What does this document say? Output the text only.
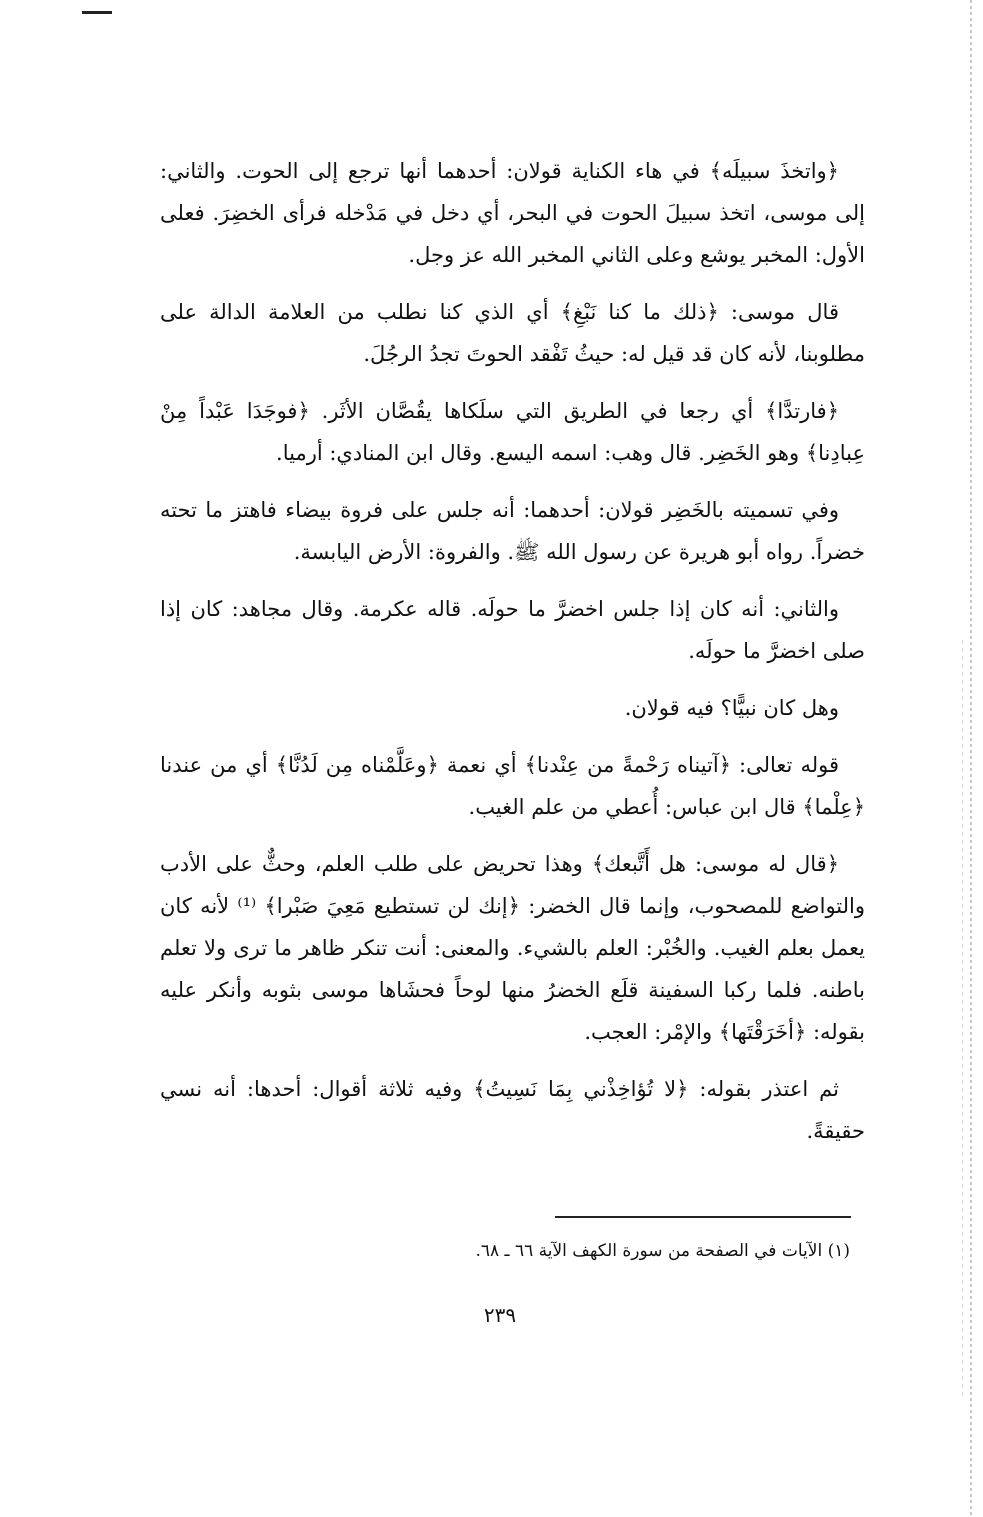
﴿واتخذَ سبيلَه﴾ في هاء الكناية قولان: أحدهما أنها ترجع إلى الحوت. والثاني: إلى موسى، اتخذ سبيلَ الحوت في البحر، أي دخل في مَدْخله فرأى الخضِرَ. فعلى الأول: المخبر يوشع وعلى الثاني المخبر الله عز وجل.

قال موسى: ﴿ذلك ما كنا نَبْغِ﴾ أي الذي كنا نطلب من العلامة الدالة على مطلوبنا، لأنه كان قد قيل له: حيثُ تَفْقد الحوتَ تجدُ الرجُلَ.

﴿فارتدَّا﴾ أي رجعا في الطريق التي سلَكاها يقُصَّان الأثَر. ﴿فوجَدَا عَبْداً مِنْ عِبادِنا﴾ وهو الخَضِر. قال وهب: اسمه اليسع. وقال ابن المنادي: أرميا.

وفي تسميته بالخَضِر قولان: أحدهما: أنه جلس على فروة بيضاء فاهتز ما تحته خضراً. رواه أبو هريرة عن رسول الله ﷺ. والفروة: الأرض اليابسة.

والثاني: أنه كان إذا جلس اخضرَّ ما حولَه. قاله عكرمة. وقال مجاهد: كان إذا صلى اخضرَّ ما حولَه.

وهل كان نبيًّا؟ فيه قولان.

قوله تعالى: ﴿آتيناه رَحْمةً من عِنْدنا﴾ أي نعمة ﴿وعَلَّمْناه مِن لَدُنَّا﴾ أي من عندنا ﴿عِلْما﴾ قال ابن عباس: أُعطي من علم الغيب.

﴿قال له موسى: هل أَتَّبعك﴾ وهذا تحريض على طلب العلم، وحثٌّ على الأدب والتواضع للمصحوب، وإنما قال الخضر: ﴿إنك لن تستطيع مَعِيَ صَبْرا﴾ ⁽¹⁾ لأنه كان يعمل بعلم الغيب. والخُبْر: العلم بالشيء. والمعنى: أنت تنكر ظاهر ما ترى ولا تعلم باطنه. فلما ركبا السفينة قلَع الخضرُ منها لوحاً فحشَاها موسى بثوبه وأنكر عليه بقوله: ﴿أخَرَقْتَها﴾ والإمْر: العجب.

ثم اعتذر بقوله: ﴿لا تُؤاخِذْني بِمَا نَسِيتُ﴾ وفيه ثلاثة أقوال: أحدها: أنه نسي حقيقةً.

(١) الآيات في الصفحة من سورة الكهف الآية ٦٦ ـ ٦٨.
٢٣٩
